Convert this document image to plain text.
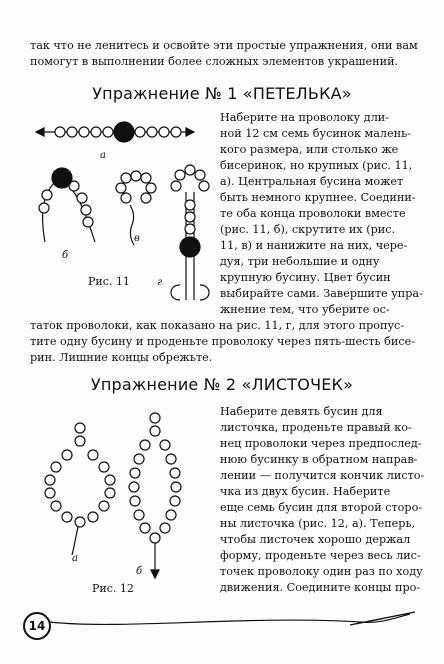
так что не ленитесь и освойте эти простые упражнения, они вам
помогут в выполнении более сложных элементов украшений.
Упражнение № 1 «ПЕТЕЛЬКА»
Наберите на проволоку дли-
ной 12 см семь бусинок малень-
кого размера, или столько же
бисеринок, но крупных (рис. 11,
а). Центральная бусина может
быть немного крупнее. Соедини-
те оба конца проволоки вместе
(рис. 11, б), скрутите их (рис.
11, в) и нанижите на них, чере-
дуя, три небольшие и одну
крупную бусину. Цвет бусин
выбирайте сами. Завершите упра-
жнение тем, что уберите ос-
таток проволоки, как показано на рис. 11, г, для этого пропус-
тите одну бусину и проденьте проволоку через пять-шесть бисе-
рин. Лишние концы обрежьте.
Рис. 11
а
б
в
г
Упражнение № 2 «ЛИСТОЧЕК»
Наберите девять бусин для
листочка, проденьте правый ко-
нец проволоки через предпослед-
нюю бусинку в обратном направ-
лении — получится кончик листо-
чка из двух бусин. Наберите
еще семь бусин для второй сторо-
ны листочка (рис. 12, а). Теперь,
чтобы листочек хорошо держал
форму, проденьте через весь лис-
точек проволоку один раз по ходу
движения. Соедините концы про-
Рис. 12
а
б
14
